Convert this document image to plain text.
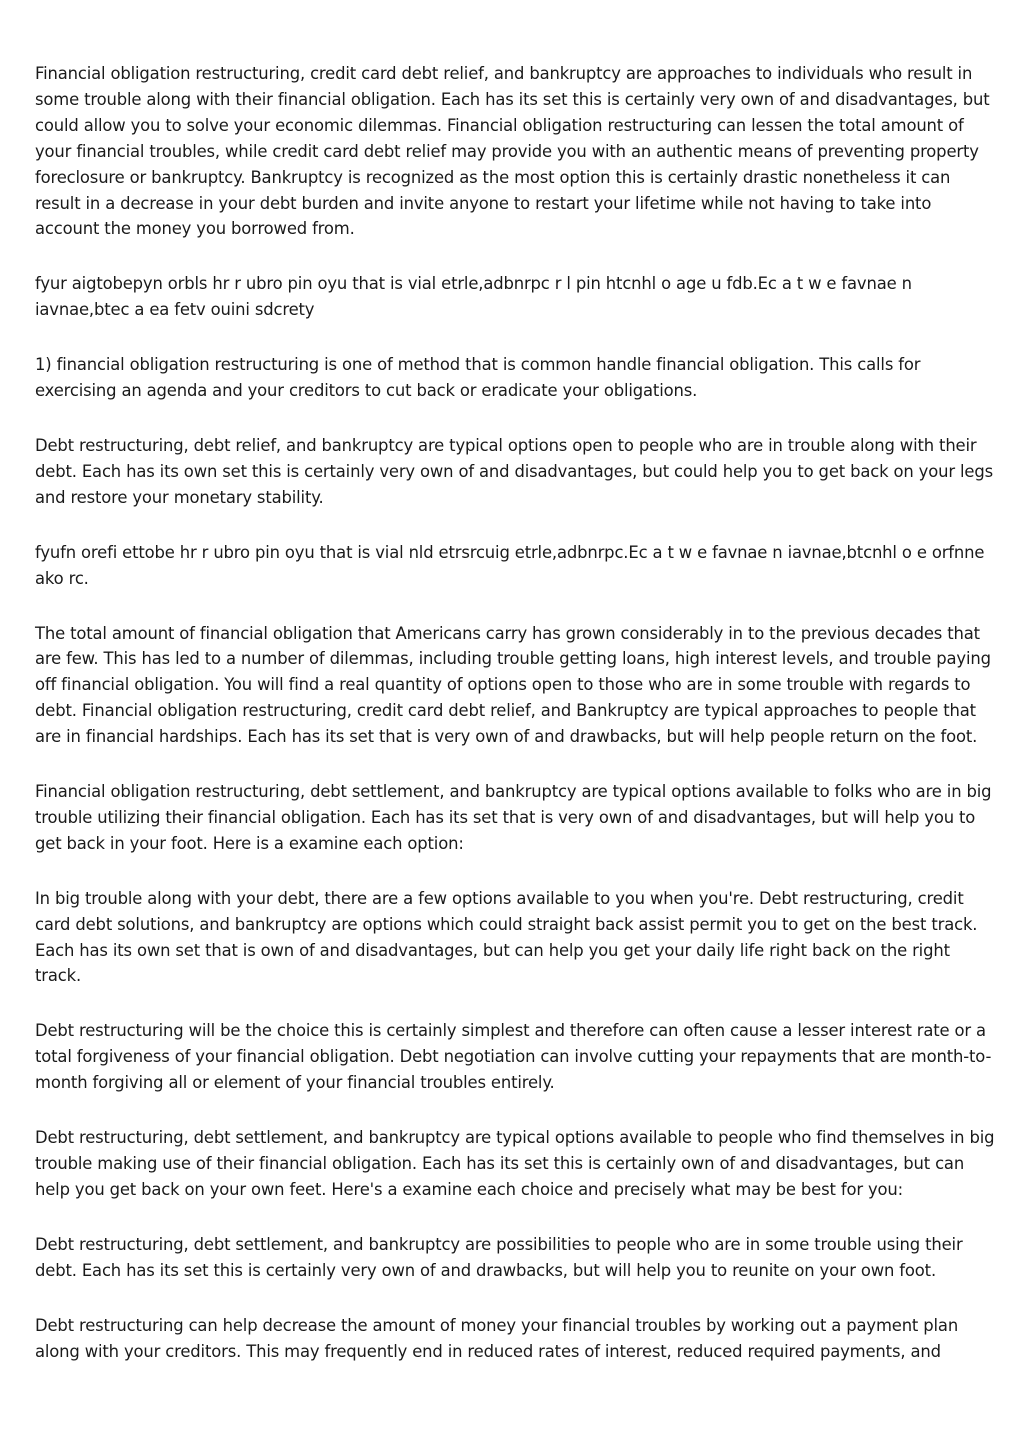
Financial obligation restructuring, credit card debt relief, and bankruptcy are approaches to individuals who result in some trouble along with their financial obligation. Each has its set this is certainly very own of and disadvantages, but could allow you to solve your economic dilemmas. Financial obligation restructuring can lessen the total amount of your financial troubles, while credit card debt relief may provide you with an authentic means of preventing property foreclosure or bankruptcy. Bankruptcy is recognized as the most option this is certainly drastic nonetheless it can result in a decrease in your debt burden and invite anyone to restart your lifetime while not having to take into account the money you borrowed from.

fyur aigtobepyn orbls hr r ubro pin oyu that is vial etrle,adbnrpc r l pin htcnhl o age u fdb.Ec a t w e favnae n iavnae,btec a ea fetv ouini sdcrety

1) financial obligation restructuring is one of method that is common handle financial obligation. This calls for exercising an agenda and your creditors to cut back or eradicate your obligations.

Debt restructuring, debt relief, and bankruptcy are typical options open to people who are in trouble along with their debt. Each has its own set this is certainly very own of and disadvantages, but could help you to get back on your legs and restore your monetary stability.

fyufn orefi ettobe hr r ubro pin oyu that is vial nld etrsrcuig etrle,adbnrpc.Ec a t w e favnae n iavnae,btcnhl o e orfnne ako rc.

The total amount of financial obligation that Americans carry has grown considerably in to the previous decades that are few. This has led to a number of dilemmas, including trouble getting loans, high interest levels, and trouble paying off financial obligation. You will find a real quantity of options open to those who are in some trouble with regards to debt. Financial obligation restructuring, credit card debt relief, and Bankruptcy are typical approaches to people that are in financial hardships. Each has its set that is very own of and drawbacks, but will help people return on the foot.

Financial obligation restructuring, debt settlement, and bankruptcy are typical options available to folks who are in big trouble utilizing their financial obligation. Each has its set that is very own of and disadvantages, but will help you to get back in your foot. Here is a examine each option:

In big trouble along with your debt, there are a few options available to you when you're. Debt restructuring, credit card debt solutions, and bankruptcy are options which could straight back assist permit you to get on the best track. Each has its own set that is own of and disadvantages, but can help you get your daily life right back on the right track.

Debt restructuring will be the choice this is certainly simplest and therefore can often cause a lesser interest rate or a total forgiveness of your financial obligation. Debt negotiation can involve cutting your repayments that are month-to-month forgiving all or element of your financial troubles entirely.

Debt restructuring, debt settlement, and bankruptcy are typical options available to people who find themselves in big trouble making use of their financial obligation. Each has its set this is certainly own of and disadvantages, but can help you get back on your own feet. Here's a examine each choice and precisely what may be best for you:

Debt restructuring, debt settlement, and bankruptcy are possibilities to people who are in some trouble using their debt. Each has its set this is certainly very own of and drawbacks, but will help you to reunite on your own foot.

Debt restructuring can help decrease the amount of money your financial troubles by working out a payment plan along with your creditors. This may frequently end in reduced rates of interest, reduced required payments, and
